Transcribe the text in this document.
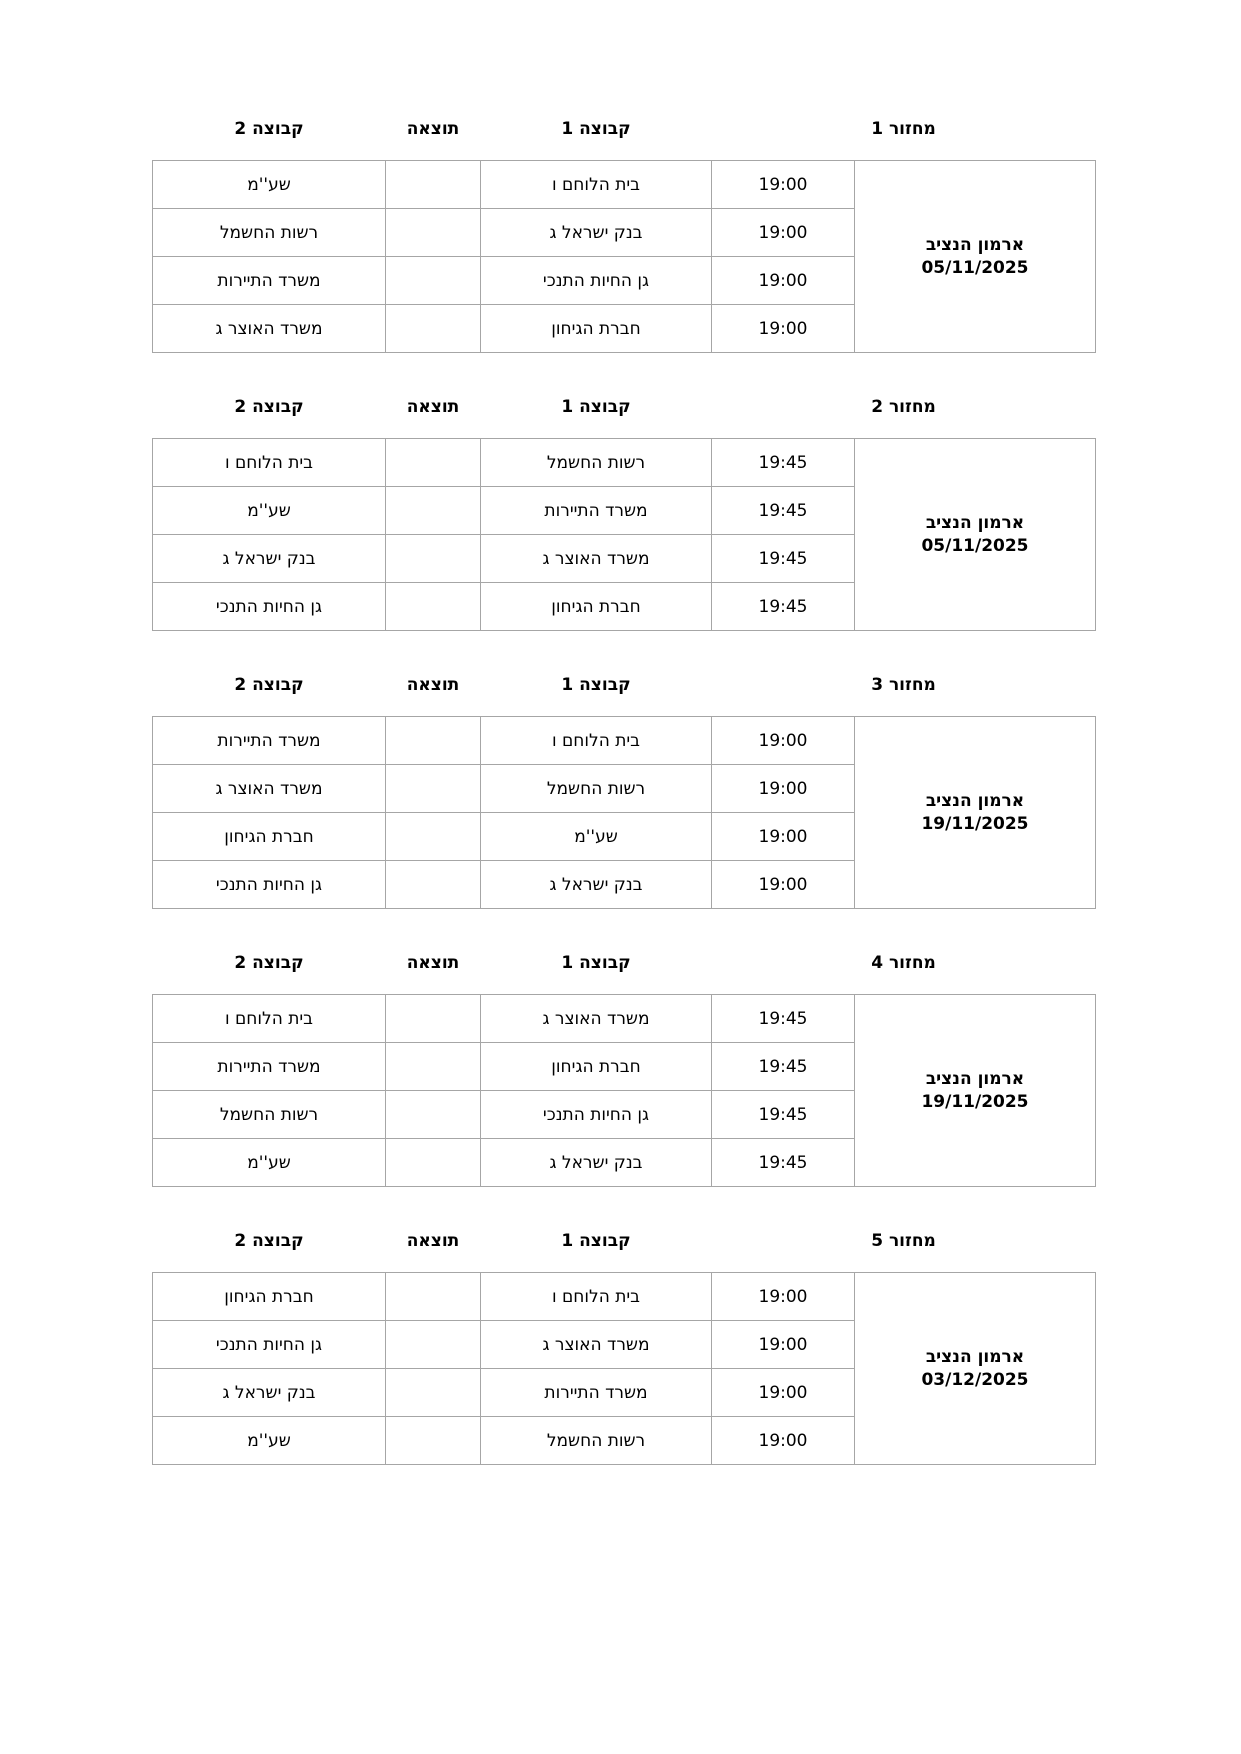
מחזור 1		קבוצה 1	תוצאה	קבוצה 2

ארמון הנציב
05/11/2025	19:00	בית הלוחם ו		שע''מ
	19:00	בנק ישראל ג		רשות החשמל
	19:00	גן החיות התנכי		משרד התיירות
	19:00	חברת הגיחון		משרד האוצר ג
מחזור 2		קבוצה 1	תוצאה	קבוצה 2

ארמון הנציב
05/11/2025	19:45	רשות החשמל		בית הלוחם ו
	19:45	משרד התיירות		שע''מ
	19:45	משרד האוצר ג		בנק ישראל ג
	19:45	חברת הגיחון		גן החיות התנכי
מחזור 3		קבוצה 1	תוצאה	קבוצה 2

ארמון הנציב
19/11/2025	19:00	בית הלוחם ו		משרד התיירות
	19:00	רשות החשמל		משרד האוצר ג
	19:00	שע''מ		חברת הגיחון
	19:00	בנק ישראל ג		גן החיות התנכי
מחזור 4		קבוצה 1	תוצאה	קבוצה 2

ארמון הנציב
19/11/2025	19:45	משרד האוצר ג		בית הלוחם ו
	19:45	חברת הגיחון		משרד התיירות
	19:45	גן החיות התנכי		רשות החשמל
	19:45	בנק ישראל ג		שע''מ
מחזור 5		קבוצה 1	תוצאה	קבוצה 2

ארמון הנציב
03/12/2025	19:00	בית הלוחם ו		חברת הגיחון
	19:00	משרד האוצר ג		גן החיות התנכי
	19:00	משרד התיירות		בנק ישראל ג
	19:00	רשות החשמל		שע''מ
